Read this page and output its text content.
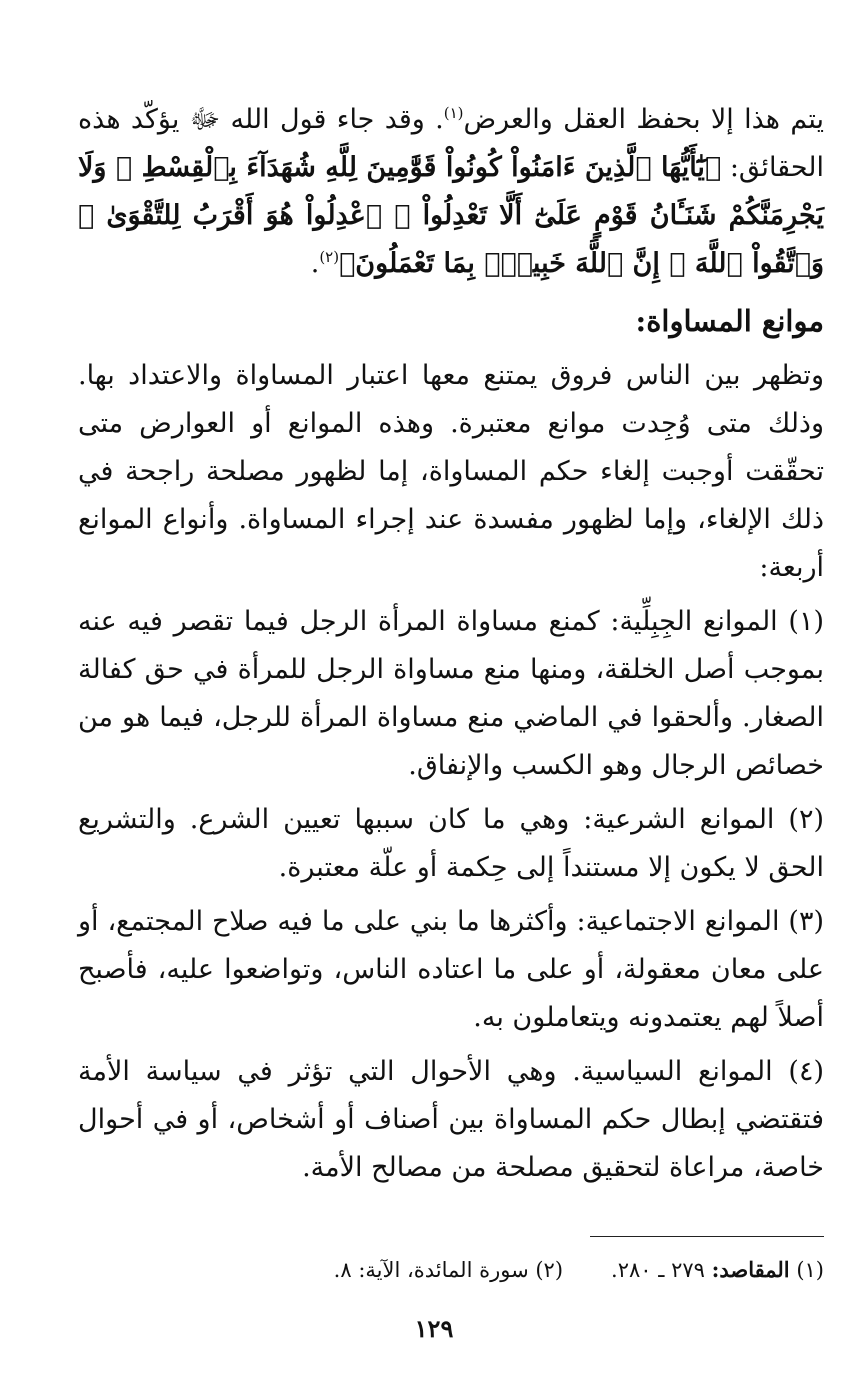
يتم هذا إلا بحفظ العقل والعرض$^{(١)}$. وقد جاء قول الله ﷻ يؤكّد هذه الحقائق: ﴿يَٰٓأَيُّهَا ٱلَّذِينَ ءَامَنُواْ كُونُواْ قَوَّٰمِينَ لِلَّهِ شُهَدَآءَ بِٱلْقِسْطِ ۖ وَلَا يَجْرِمَنَّكُمْ شَنَـَٔانُ قَوْمٍ عَلَىٰٓ أَلَّا تَعْدِلُواْ ۚ ٱعْدِلُواْ هُوَ أَقْرَبُ لِلتَّقْوَىٰ ۖ وَٱتَّقُواْ ٱللَّهَ ۚ إِنَّ ٱللَّهَ خَبِيرٌۢ بِمَا تَعْمَلُونَ﴾$^{(٢)}$.

موانع المساواة:

وتظهر بين الناس فروق يمتنع معها اعتبار المساواة والاعتداد بها. وذلك متى وُجِدت موانع معتبرة. وهذه الموانع أو العوارض متى تحقّقت أوجبت إلغاء حكم المساواة، إما لظهور مصلحة راجحة في ذلك الإلغاء، وإما لظهور مفسدة عند إجراء المساواة. وأنواع الموانع أربعة:

(١) الموانع الجِبِلِّية: كمنع مساواة المرأة الرجل فيما تقصر فيه عنه بموجب أصل الخلقة، ومنها منع مساواة الرجل للمرأة في حق كفالة الصغار. وألحقوا في الماضي منع مساواة المرأة للرجل، فيما هو من خصائص الرجال وهو الكسب والإنفاق.

(٢) الموانع الشرعية: وهي ما كان سببها تعيين الشرع. والتشريع الحق لا يكون إلا مستنداً إلى حِكمة أو علّة معتبرة.

(٣) الموانع الاجتماعية: وأكثرها ما بني على ما فيه صلاح المجتمع، أو على معان معقولة، أو على ما اعتاده الناس، وتواضعوا عليه، فأصبح أصلاً لهم يعتمدونه ويتعاملون به.

(٤) الموانع السياسية. وهي الأحوال التي تؤثر في سياسة الأمة فتقتضي إبطال حكم المساواة بين أصناف أو أشخاص، أو في أحوال خاصة، مراعاة لتحقيق مصلحة من مصالح الأمة.

(١) المقاصد: ٢٧٩ ـ ٢٨٠.
(٢) سورة المائدة، الآية: ٨.
١٢٩
